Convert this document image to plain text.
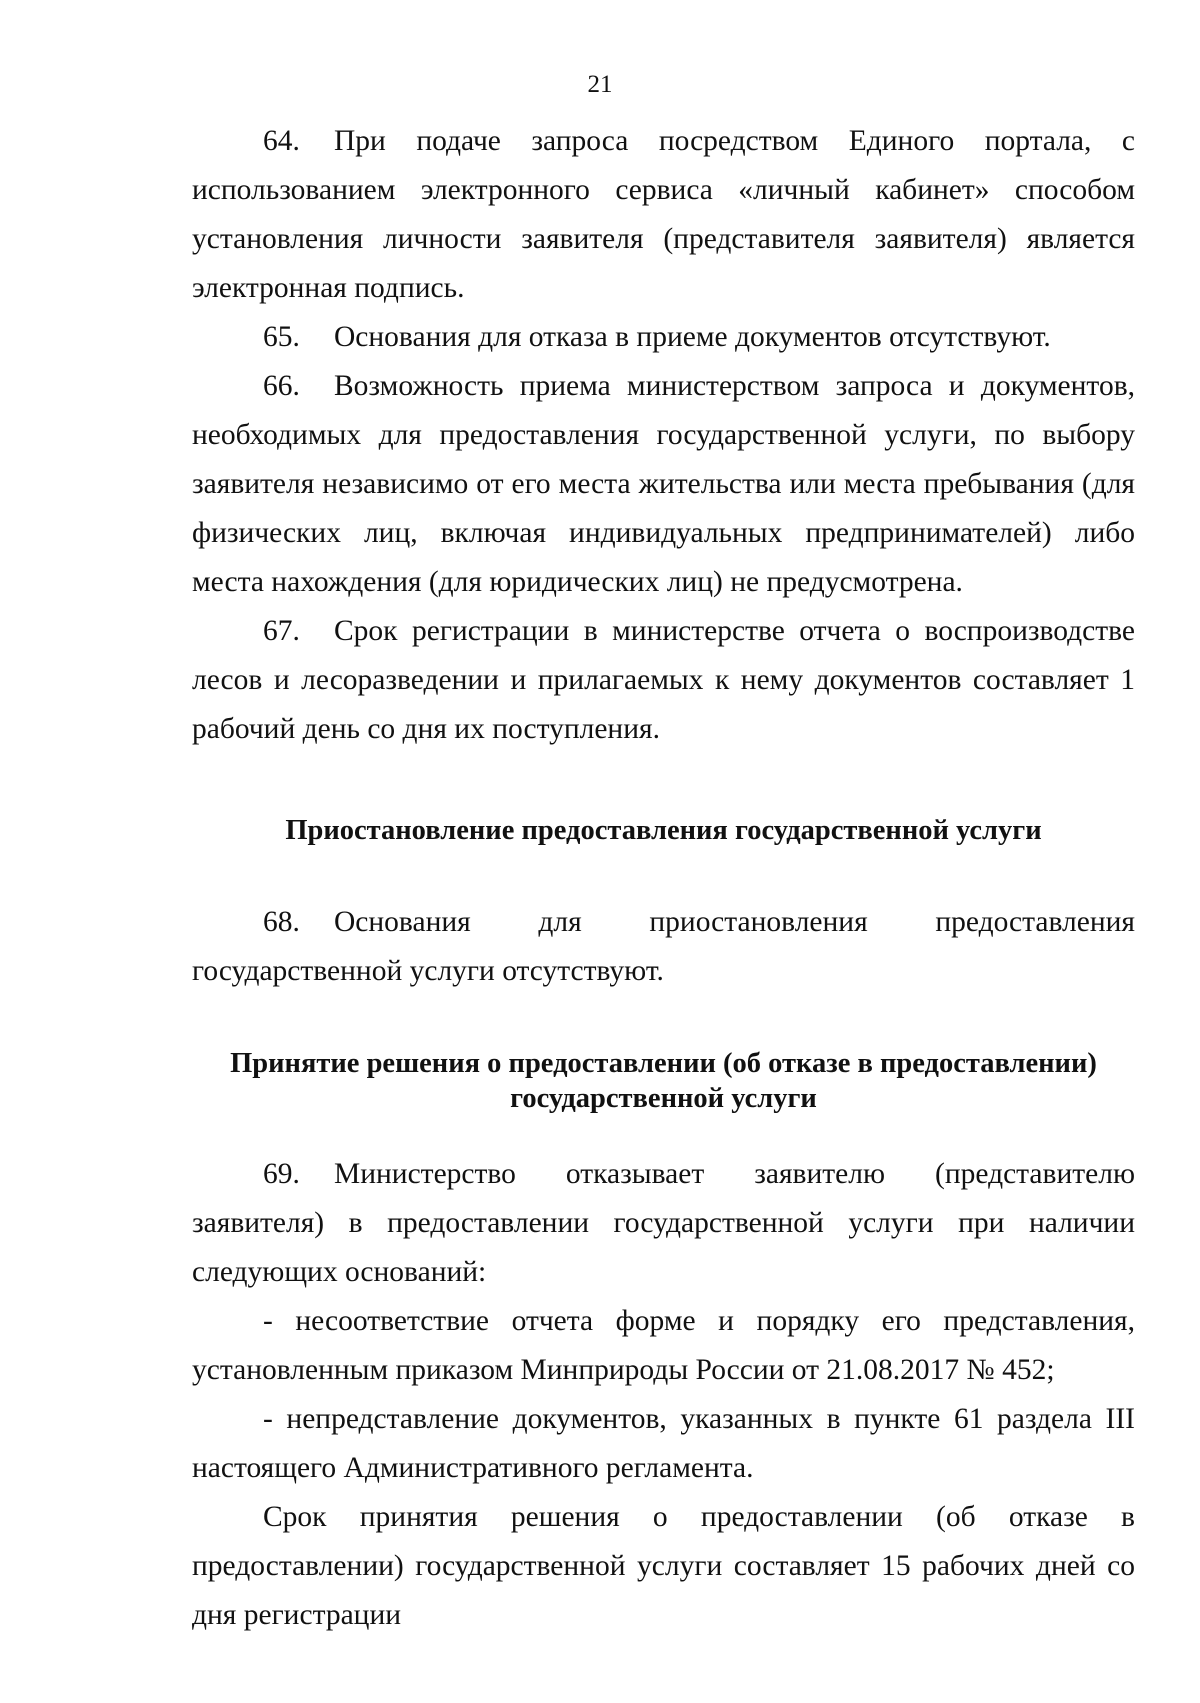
21

64. При подаче запроса посредством Единого портала, с использованием электронного сервиса «личный кабинет» способом установления личности заявителя (представителя заявителя) является электронная подпись.

65. Основания для отказа в приеме документов отсутствуют.

66. Возможность приема министерством запроса и документов, необходимых для предоставления государственной услуги, по выбору заявителя независимо от его места жительства или места пребывания (для физических лиц, включая индивидуальных предпринимателей) либо места нахождения (для юридических лиц) не предусмотрена.

67. Срок регистрации в министерстве отчета о воспроизводстве лесов и лесоразведении и прилагаемых к нему документов составляет 1 рабочий день со дня их поступления.

Приостановление предоставления государственной услуги

68. Основания для приостановления предоставления государственной услуги отсутствуют.

Принятие решения о предоставлении (об отказе в предоставлении)
государственной услуги

69. Министерство отказывает заявителю (представителю заявителя) в предоставлении государственной услуги при наличии следующих оснований:

- несоответствие отчета форме и порядку его представления, установленным приказом Минприроды России от 21.08.2017 № 452;

- непредставление документов, указанных в пункте 61 раздела III настоящего Административного регламента.

Срок принятия решения о предоставлении (об отказе в предоставлении) государственной услуги составляет 15 рабочих дней со дня регистрации
